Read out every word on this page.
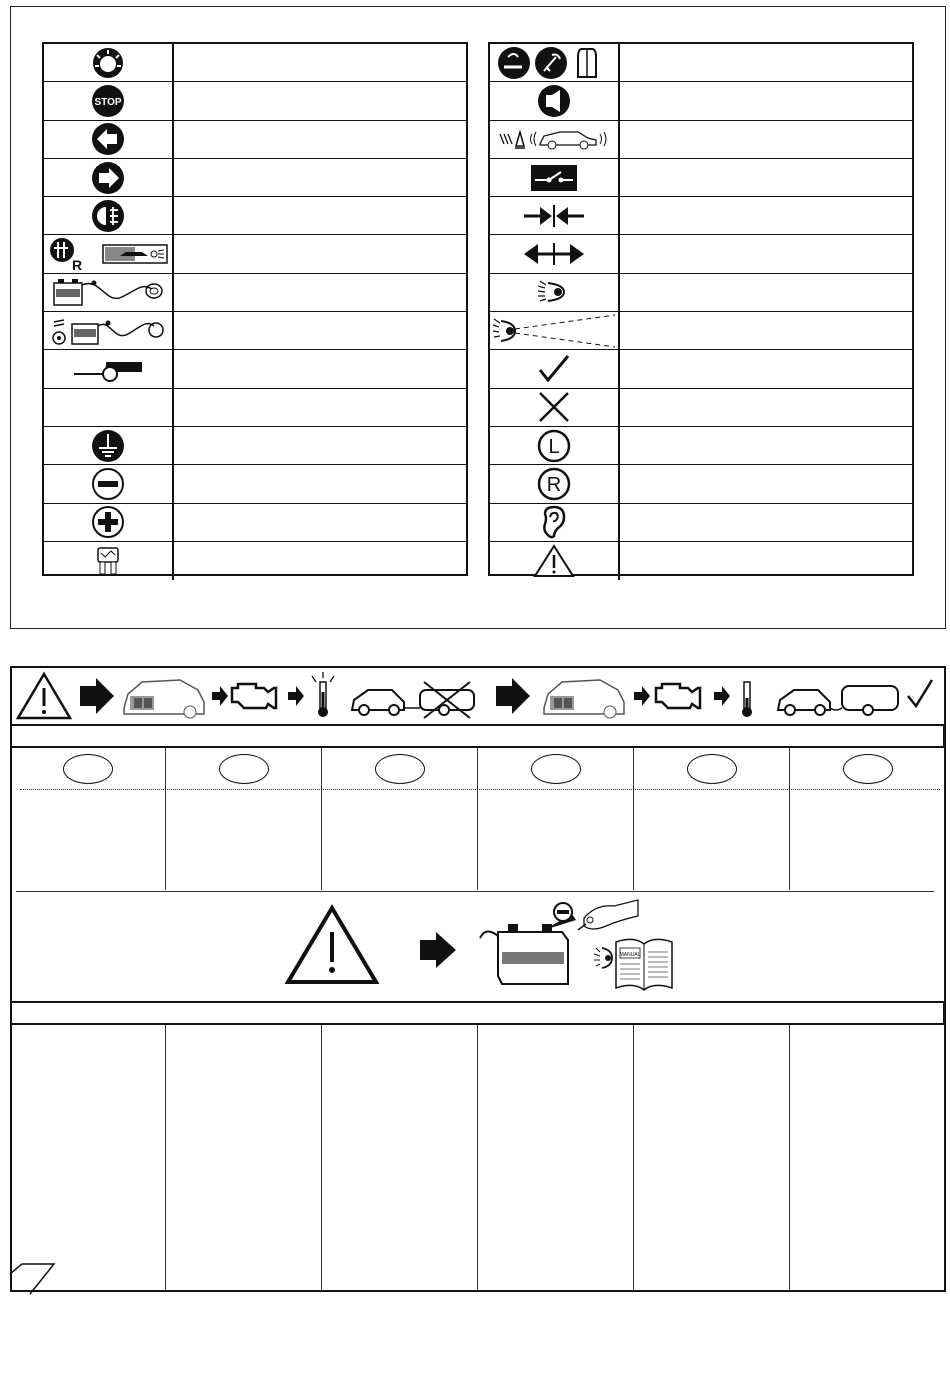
STOP
R
L
R
MANUAL
